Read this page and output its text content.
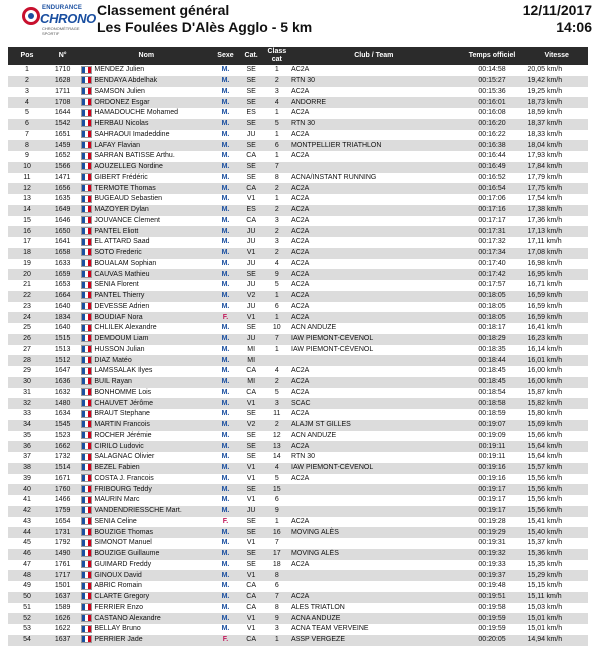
ENDURANCE
CHRONO
CHRONOMÉTRAGE SPORTIF
Classement général
Les Foulées D'Alès Agglo - 5 km
12/11/2017
14:06
Pos	N°	Nom	Sexe	Cat.	Class cat	Club / Team	Temps officiel	Vitesse
1	1710	MENDEZ Julien	M.	SE	1	AC2A	00:14:58	20,05 km/h
2	1628	BENDAYA Abdelhak	M.	SE	2	RTN 30	00:15:27	19,42 km/h
3	1711	SAMSON Julien	M.	SE	3	AC2A	00:15:36	19,25 km/h
4	1708	ORDONEZ Esgar	M.	SE	4	ANDORRE	00:16:01	18,73 km/h
5	1644	HAMADOUCHE Mohamed	M.	ES	1	AC2A	00:16:08	18,59 km/h
6	1542	HERBAU Nicolas	M.	SE	5	RTN 30	00:16:20	18,37 km/h
7	1651	SAHRAOUI Imadeddine	M.	JU	1	AC2A	00:16:22	18,33 km/h
8	1459	LAFAY Flavian	M.	SE	6	MONTPELLIER TRIATHLON	00:16:38	18,04 km/h
9	1652	SARRAN BATISSE Arthu.	M.	CA	1	AC2A	00:16:44	17,93 km/h
10	1566	AOUZELLEG Nordine	M.	SE	7		00:16:49	17,84 km/h
11	1471	GIBERT Frédéric	M.	SE	8	ACNA/INSTANT RUNNING	00:16:52	17,79 km/h
12	1656	TERMOTE Thomas	M.	CA	2	AC2A	00:16:54	17,75 km/h
13	1635	BUGEAUD Sebastien	M.	V1	1	AC2A	00:17:06	17,54 km/h
14	1649	MAZOYER Dylan	M.	ES	2	AC2A	00:17:16	17,38 km/h
15	1646	JOUVANCE Clement	M.	CA	3	AC2A	00:17:17	17,36 km/h
16	1650	PANTEL Eliott	M.	JU	2	AC2A	00:17:31	17,13 km/h
17	1641	EL ATTARD Saad	M.	JU	3	AC2A	00:17:32	17,11 km/h
18	1658	SOTO Frederic	M.	V1	2	AC2A	00:17:34	17,08 km/h
19	1633	BOUALAM Sophian	M.	JU	4	AC2A	00:17:40	16,98 km/h
20	1659	CAUVAS Mathieu	M.	SE	9	AC2A	00:17:42	16,95 km/h
21	1653	SENIA Florent	M.	JU	5	AC2A	00:17:57	16,71 km/h
22	1664	PANTEL Thierry	M.	V2	1	AC2A	00:18:05	16,59 km/h
23	1640	DEVESSE Adrien	M.	JU	6	AC2A	00:18:05	16,59 km/h
24	1834	BOUDIAF Nora	F.	V1	1	AC2A	00:18:05	16,59 km/h
25	1640	CHLILEK Alexandre	M.	SE	10	ACN ANDUZE	00:18:17	16,41 km/h
26	1515	DEMDOUM Liam	M.	JU	7	IAW PIEMONT-CÉVENOL	00:18:29	16,23 km/h
27	1513	HUSSON Julian	M.	MI	1	IAW PIEMONT-CÉVENOL	00:18:35	16,14 km/h
28	1512	DIAZ Matéo	M.	MI			00:18:44	16,01 km/h
29	1647	LAMSSALAK Ilyes	M.	CA	4	AC2A	00:18:45	16,00 km/h
30	1636	BUIL Rayan	M.	MI	2	AC2A	00:18:45	16,00 km/h
31	1632	BONHOMME Lois	M.	CA	5	AC2A	00:18:54	15,87 km/h
32	1480	CHAUVET Jérôme	M.	V1	3	SCAC	00:18:58	15,82 km/h
33	1634	BRAUT Stephane	M.	SE	11	AC2A	00:18:59	15,80 km/h
34	1545	MARTIN Francois	M.	V2	2	ALAJM ST GILLES	00:19:07	15,69 km/h
35	1523	ROCHER Jérémie	M.	SE	12	ACN ANDUZE	00:19:09	15,66 km/h
36	1662	CIRILO Ludovic	M.	SE	13	AC2A	00:19:11	15,64 km/h
37	1732	SALAGNAC Olivier	M.	SE	14	RTN 30	00:19:11	15,64 km/h
38	1514	BEZEL Fabien	M.	V1	4	IAW PIEMONT-CÉVENOL	00:19:16	15,57 km/h
39	1671	COSTA J. Francois	M.	V1	5	AC2A	00:19:16	15,56 km/h
40	1760	FRIBOURG Teddy	M.	SE	15		00:19:17	15,56 km/h
41	1466	MAURIN Marc	M.	V1	6		00:19:17	15,56 km/h
42	1759	VANDENDRIESSCHE Mart.	M.	JU	9		00:19:17	15,56 km/h
43	1654	SENIA Celine	F.	SE	1	AC2A	00:19:28	15,41 km/h
44	1731	BOUZIGE Thomas	M.	SE	16	MOVING ALÈS	00:19:29	15,40 km/h
45	1792	SIMONOT Manuel	M.	V1	7		00:19:31	15,37 km/h
46	1490	BOUZIGE Guillaume	M.	SE	17	MOVING ALÈS	00:19:32	15,36 km/h
47	1761	GUIMARD Freddy	M.	SE	18	AC2A	00:19:33	15,35 km/h
48	1717	GINOUX David	M.	V1	8		00:19:37	15,29 km/h
49	1501	ABRIC Romain	M.	CA	6		00:19:48	15,15 km/h
50	1637	CLARTE Gregory	M.	CA	7	AC2A	00:19:51	15,11 km/h
51	1589	FERRIER Enzo	M.	CA	8	ALES TRIATLON	00:19:58	15,03 km/h
52	1626	CASTANO Alexandre	M.	V1	9	ACNA ANDUZE	00:19:59	15,01 km/h
53	1622	BELLAY Bruno	M.	V1	3	ACNA TEAM VERVEINE	00:19:59	15,01 km/h
54	1637	PERRIER Jade	F.	CA	1	ASSP VERGEZE	00:20:05	14,94 km/h
